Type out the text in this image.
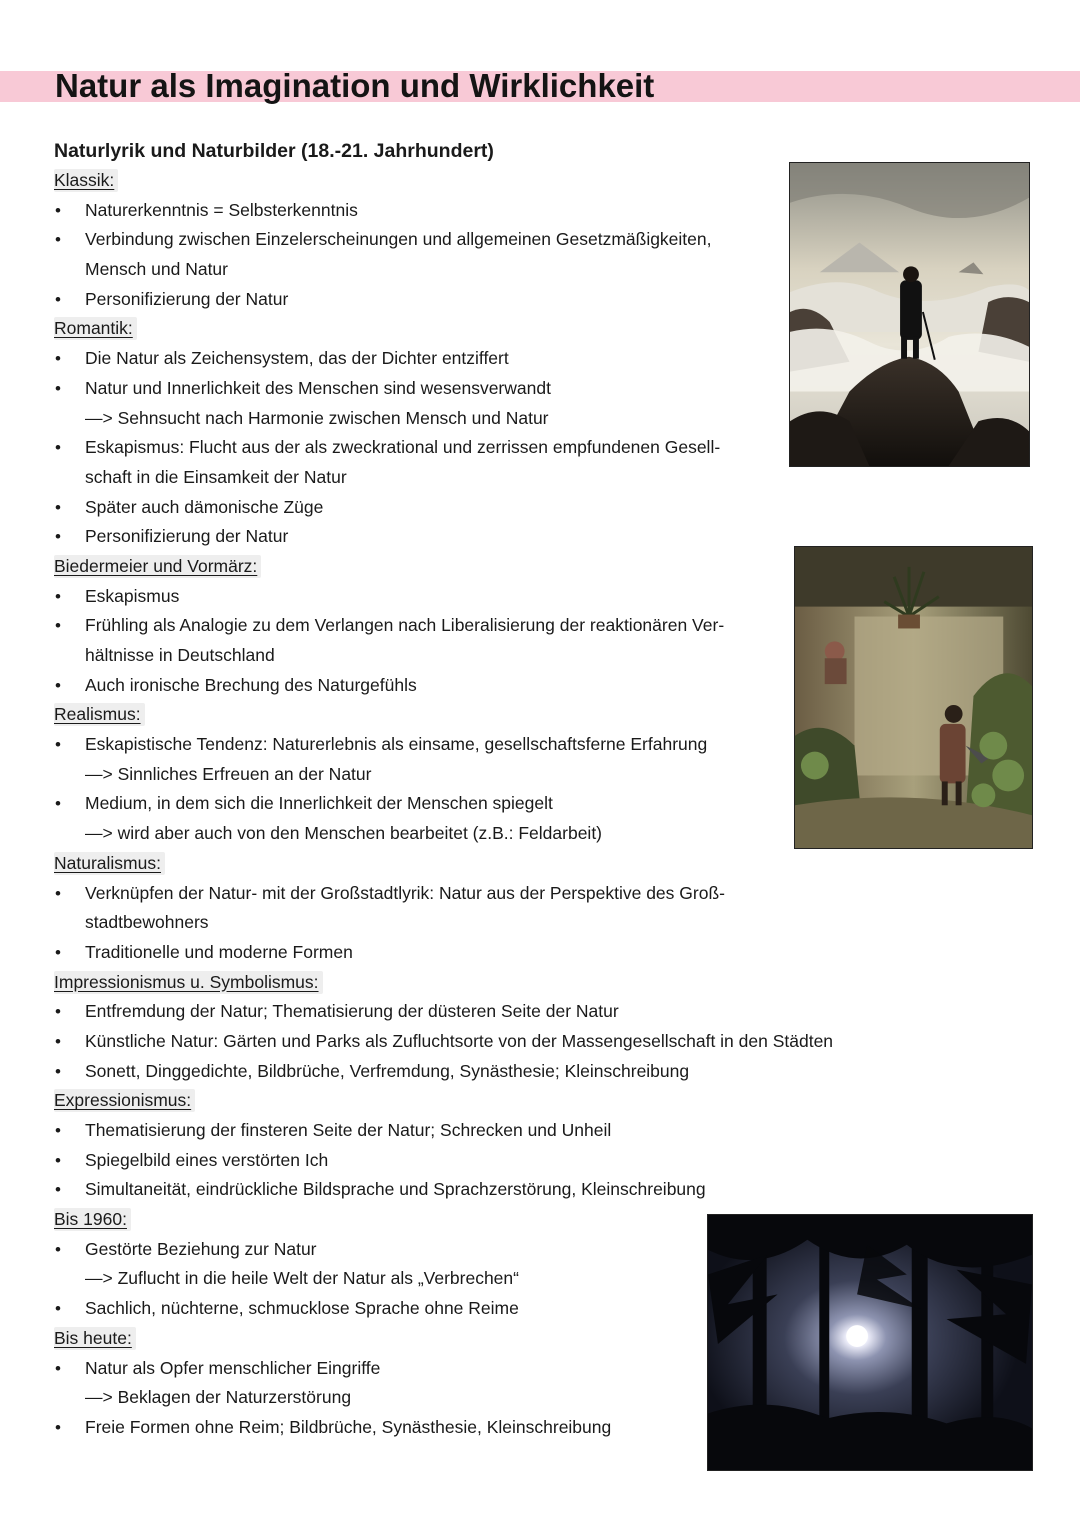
Natur als Imagination und Wirklichkeit
Naturlyrik und Naturbilder (18.-21. Jahrhundert)
Klassik:
• Naturerkenntnis = Selbsterkenntnis
• Verbindung zwischen Einzelerscheinungen und allgemeinen Gesetzmäßigkeiten,
Mensch und Natur
• Personifizierung der Natur
Romantik:
• Die Natur als Zeichensystem, das der Dichter entziffert
• Natur und Innerlichkeit des Menschen sind wesensverwandt
—> Sehnsucht nach Harmonie zwischen Mensch und Natur
• Eskapismus: Flucht aus der als zweckrational und zerrissen empfundenen Gesell-
schaft in die Einsamkeit der Natur
• Später auch dämonische Züge
• Personifizierung der Natur
Biedermeier und Vormärz:
• Eskapismus
• Frühling als Analogie zu dem Verlangen nach Liberalisierung der reaktionären Ver-
hältnisse in Deutschland
• Auch ironische Brechung des Naturgefühls
Realismus:
• Eskapistische Tendenz: Naturerlebnis als einsame, gesellschaftsferne Erfahrung
—> Sinnliches Erfreuen an der Natur
• Medium, in dem sich die Innerlichkeit der Menschen spiegelt
—> wird aber auch von den Menschen bearbeitet (z.B.: Feldarbeit)
Naturalismus:
• Verknüpfen der Natur- mit der Großstadtlyrik: Natur aus der Perspektive des Groß-
stadtbewohners
• Traditionelle und moderne Formen
Impressionismus u. Symbolismus:
• Entfremdung der Natur; Thematisierung der düsteren Seite der Natur
• Künstliche Natur: Gärten und Parks als Zufluchtsorte von der Massengesellschaft in den Städten
• Sonett, Dinggedichte, Bildbrüche, Verfremdung, Synästhesie; Kleinschreibung
Expressionismus:
• Thematisierung der finsteren Seite der Natur; Schrecken und Unheil
• Spiegelbild eines verstörten Ich
• Simultaneität, eindrückliche Bildsprache und Sprachzerstörung, Kleinschreibung
Bis 1960:
• Gestörte Beziehung zur Natur
—> Zuflucht in die heile Welt der Natur als „Verbrechen“
• Sachlich, nüchterne, schmucklose Sprache ohne Reime
Bis heute:
• Natur als Opfer menschlicher Eingriffe
—> Beklagen der Naturzerstörung
• Freie Formen ohne Reim; Bildbrüche, Synästhesie, Kleinschreibung
